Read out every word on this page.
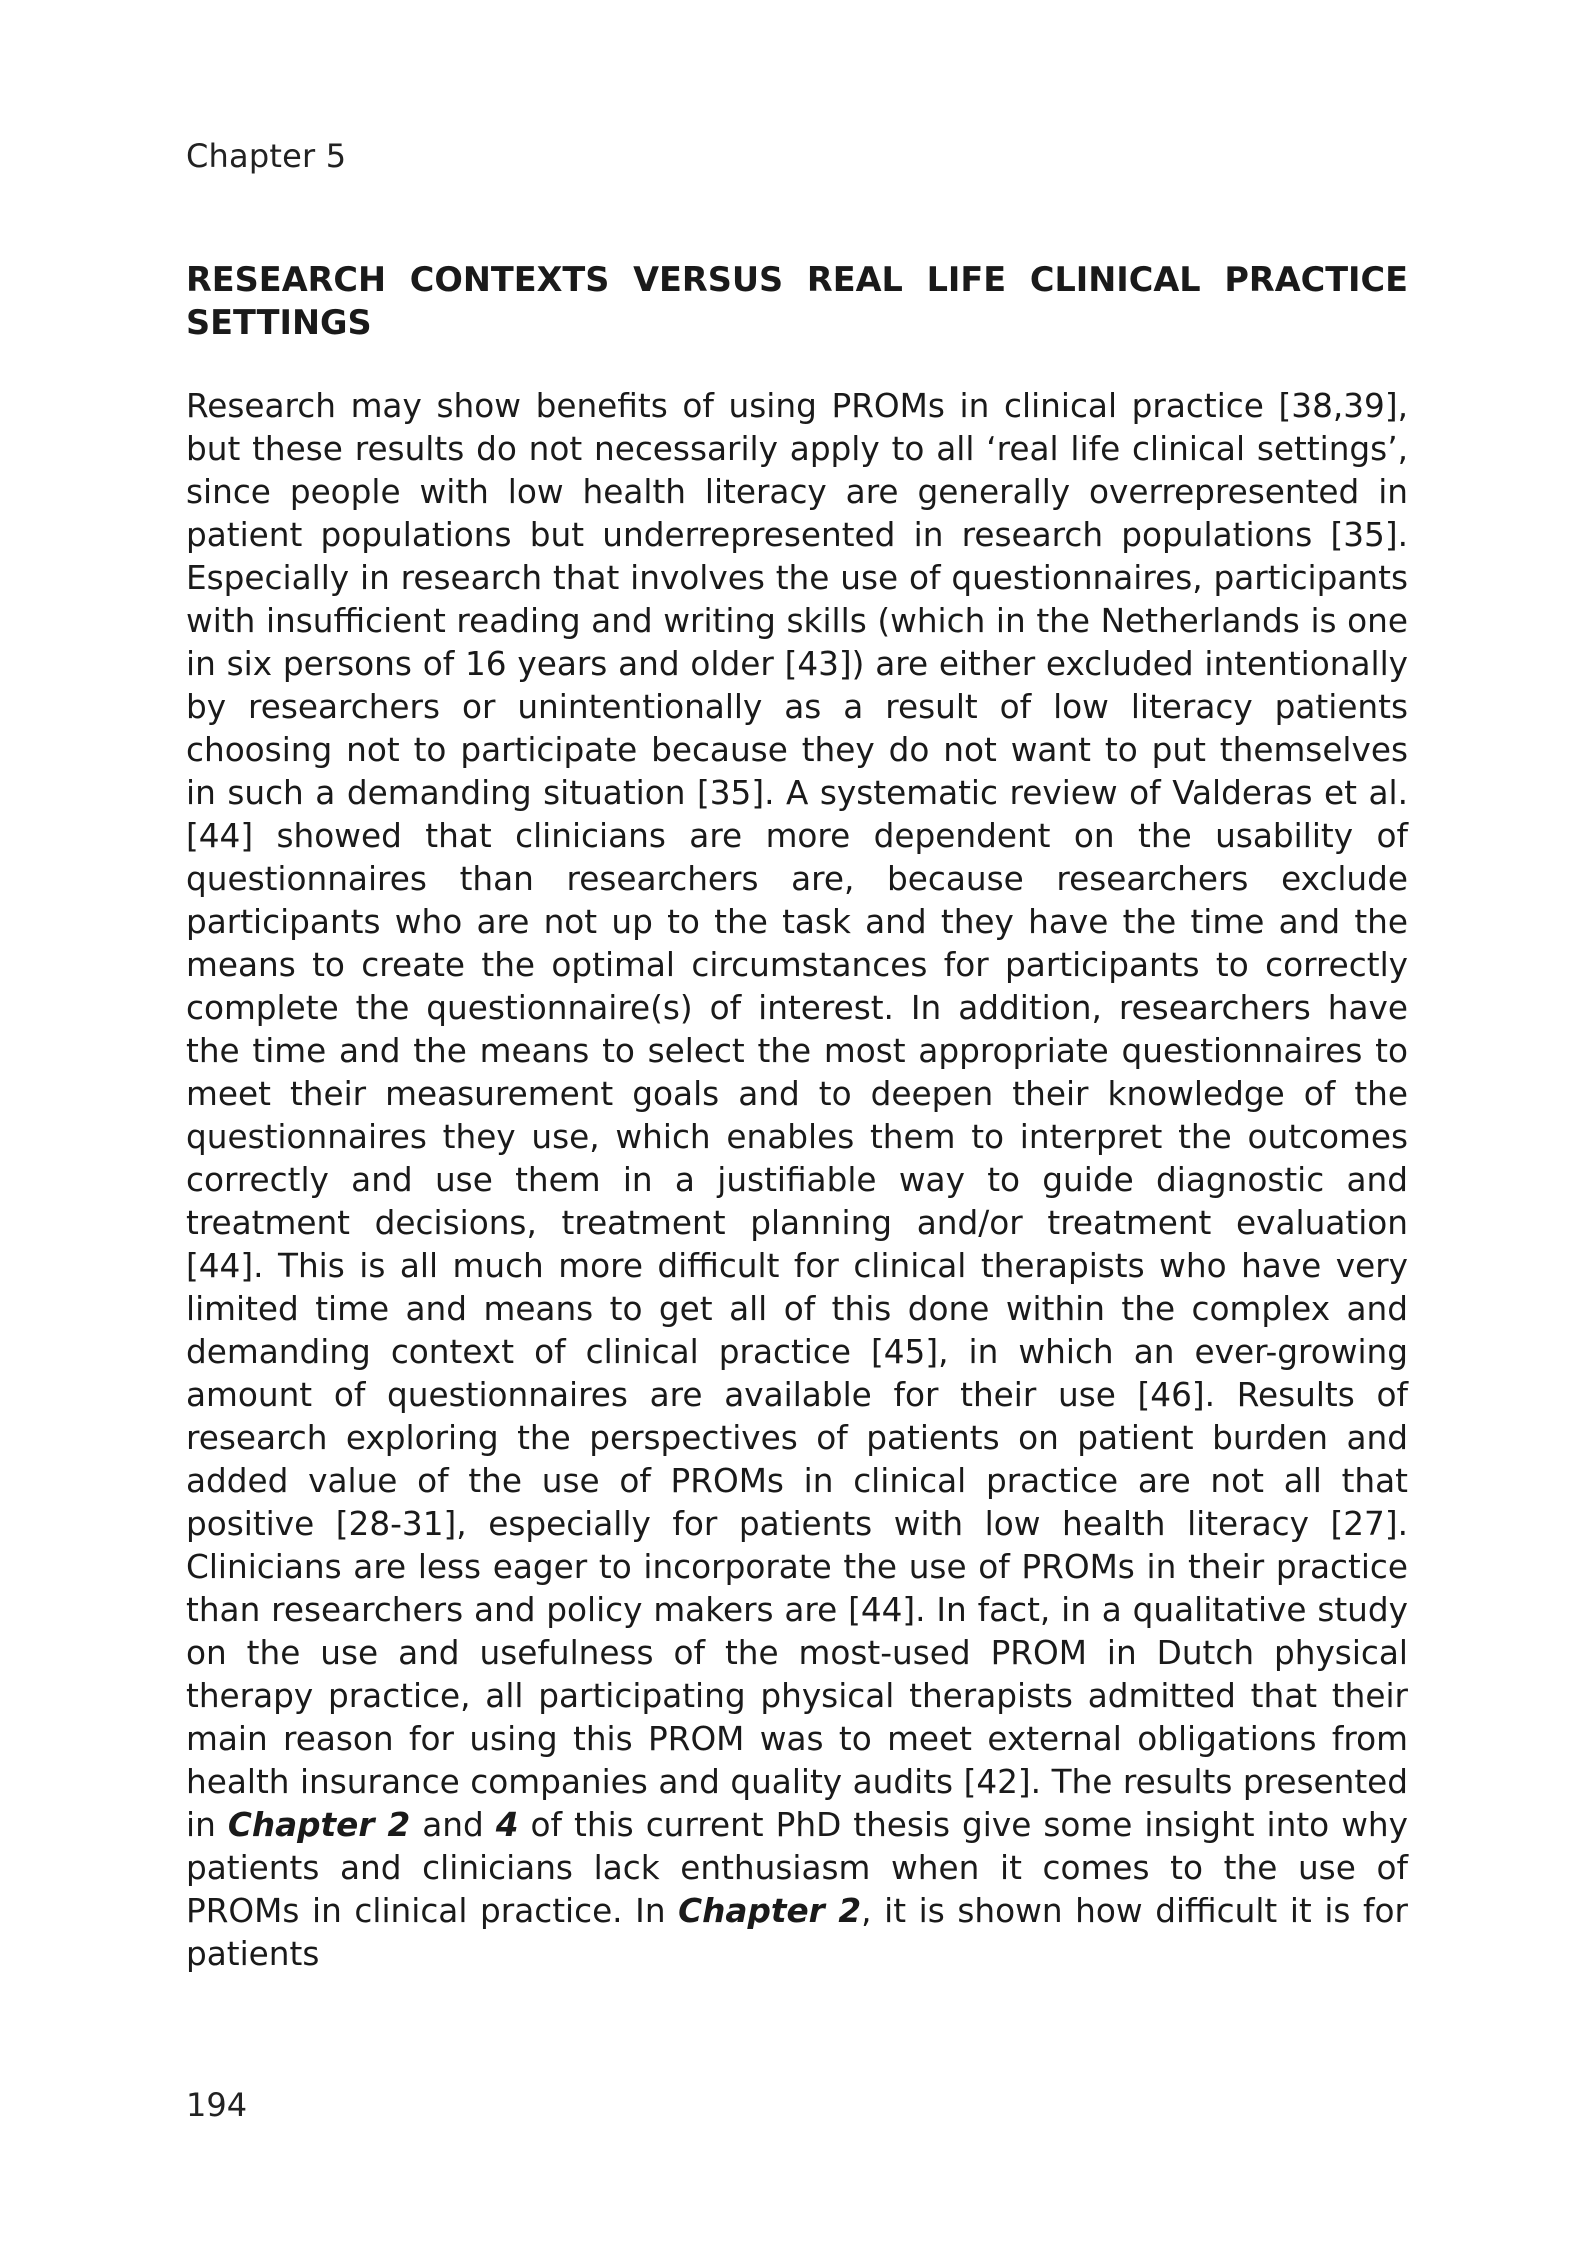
Chapter 5
RESEARCH CONTEXTS VERSUS REAL LIFE CLINICAL PRACTICE SETTINGS

Research may show benefits of using PROMs in clinical practice [38,39], but these results do not necessarily apply to all ‘real life clinical settings’, since people with low health literacy are generally overrepresented in patient populations but underrepresented in research populations [35]. Especially in research that involves the use of questionnaires, participants with insufficient reading and writing skills (which in the Netherlands is one in six persons of 16 years and older [43]) are either excluded intentionally by researchers or unintentionally as a result of low literacy patients choosing not to participate because they do not want to put themselves in such a demanding situation [35]. A systematic review of Valderas et al. [44] showed that clinicians are more dependent on the usability of questionnaires than researchers are, because researchers exclude participants who are not up to the task and they have the time and the means to create the optimal circumstances for participants to correctly complete the questionnaire(s) of interest. In addition, researchers have the time and the means to select the most appropriate questionnaires to meet their measurement goals and to deepen their knowledge of the questionnaires they use, which enables them to interpret the outcomes correctly and use them in a justifiable way to guide diagnostic and treatment decisions, treatment planning and/or treatment evaluation [44]. This is all much more difficult for clinical therapists who have very limited time and means to get all of this done within the complex and demanding context of clinical practice [45], in which an ever-growing amount of questionnaires are available for their use [46]. Results of research exploring the perspectives of patients on patient burden and added value of the use of PROMs in clinical practice are not all that positive [28-31], especially for patients with low health literacy [27]. Clinicians are less eager to incorporate the use of PROMs in their practice than researchers and policy makers are [44]. In fact, in a qualitative study on the use and usefulness of the most-used PROM in Dutch physical therapy practice, all participating physical therapists admitted that their main reason for using this PROM was to meet external obligations from health insurance companies and quality audits [42]. The results presented in Chapter 2 and 4 of this current PhD thesis give some insight into why patients and clinicians lack enthusiasm when it comes to the use of PROMs in clinical practice. In Chapter 2, it is shown how difficult it is for patients

194
